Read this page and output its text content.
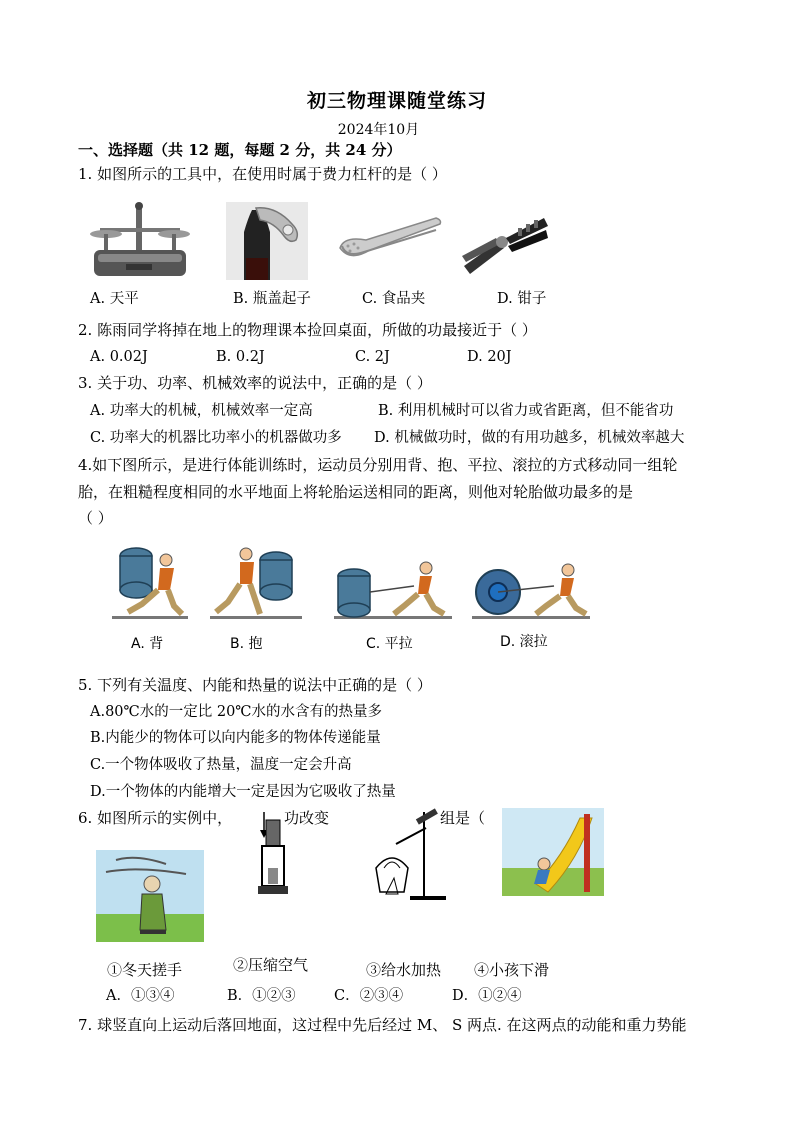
初三物理课随堂练习
2024年10月
一、选择题（共 12 题，每题 2 分，共 24 分）
1. 如图所示的工具中，在使用时属于费力杠杆的是（ ）
A. 天平	B. 瓶盖起子	C. 食品夹	D. 钳子
2. 陈雨同学将掉在地上的物理课本捡回桌面，所做的功最接近于（ ）
A. 0.02J	B. 0.2J	C. 2J	D. 20J
3. 关于功、功率、机械效率的说法中，正确的是（ ）
A. 功率大的机械，机械效率一定高	B. 利用机械时可以省力或省距离，但不能省功
C. 功率大的机器比功率小的机器做功多 D. 机械做功时，做的有用功越多，机械效率越大
4.如下图所示，是进行体能训练时，运动员分别用背、抱、平拉、滚拉的方式移动同一组轮
胎，在粗糙程度相同的水平地面上将轮胎运送相同的距离，则他对轮胎做功最多的是
（ ）
A. 背	B. 抱	C. 平拉	D. 滚拉
5. 下列有关温度、内能和热量的说法中正确的是（ ）
A.80℃水的一定比 20℃水的水含有的热量多
B.内能少的物体可以向内能多的物体传递能量
C.一个物体吸收了热量，温度一定会升高
D.一个物体的内能增大一定是因为它吸收了热量
6. 如图所示的实例中，	功改变	组是（
①冬天搓手	②压缩空气	③给水加热 ④小孩下滑
A．①③④	B．①②③	C．②③④	D．①②④
7. 球竖直向上运动后落回地面，这过程中先后经过 M、 S 两点. 在这两点的动能和重力势能
